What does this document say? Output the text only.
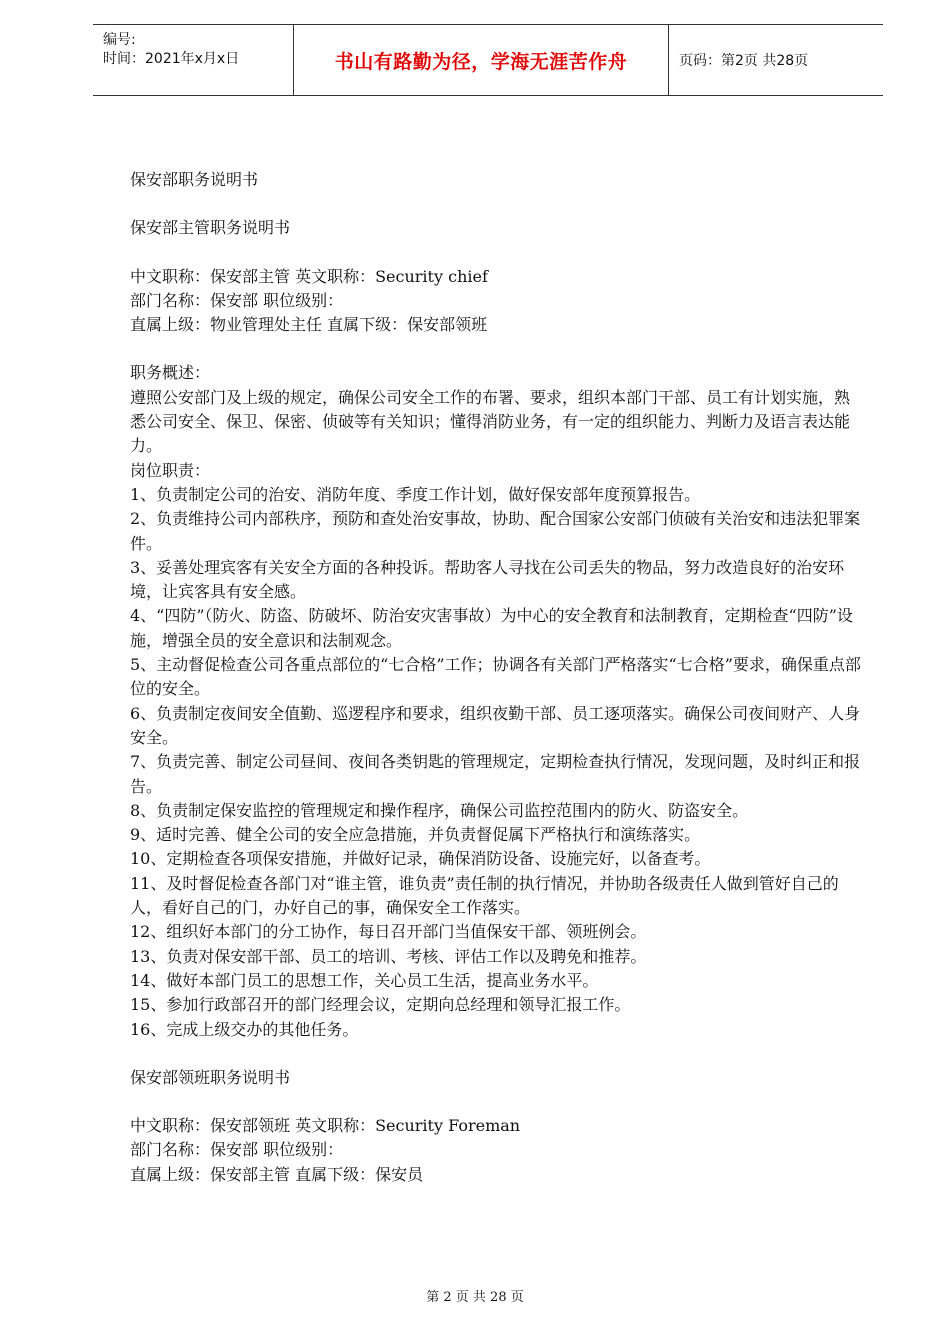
编号:
时间：2021年x月x日	书山有路勤为径，学海无涯苦作舟	页码：第2页 共28页

保安部职务说明书

保安部主管职务说明书

中文职称：保安部主管 英文职称：Security chief

部门名称：保安部 职位级别：

直属上级：物业管理处主任 直属下级：保安部领班

职务概述：

遵照公安部门及上级的规定，确保公司安全工作的布署、要求，组织本部门干部、员工有计划实施，熟悉公司安全、保卫、保密、侦破等有关知识；懂得消防业务，有一定的组织能力、判断力及语言表达能力。

岗位职责：

1、负责制定公司的治安、消防年度、季度工作计划，做好保安部年度预算报告。

2、负责维持公司内部秩序，预防和查处治安事故，协助、配合国家公安部门侦破有关治安和违法犯罪案件。

3、妥善处理宾客有关安全方面的各种投诉。帮助客人寻找在公司丢失的物品，努力改造良好的治安环境，让宾客具有安全感。

4、“四防”（防火、防盗、防破坏、防治安灾害事故）为中心的安全教育和法制教育，定期检查“四防”设施，增强全员的安全意识和法制观念。

5、主动督促检查公司各重点部位的“七合格”工作；协调各有关部门严格落实“七合格”要求，确保重点部位的安全。

6、负责制定夜间安全值勤、巡逻程序和要求，组织夜勤干部、员工逐项落实。确保公司夜间财产、人身安全。

7、负责完善、制定公司昼间、夜间各类钥匙的管理规定，定期检查执行情况，发现问题，及时纠正和报告。

8、负责制定保安监控的管理规定和操作程序，确保公司监控范围内的防火、防盗安全。

9、适时完善、健全公司的安全应急措施，并负责督促属下严格执行和演练落实。

10、定期检查各项保安措施，并做好记录，确保消防设备、设施完好，以备查考。

11、及时督促检查各部门对“谁主管，谁负责”责任制的执行情况，并协助各级责任人做到管好自己的人，看好自己的门，办好自己的事，确保安全工作落实。

12、组织好本部门的分工协作，每日召开部门当值保安干部、领班例会。

13、负责对保安部干部、员工的培训、考核、评估工作以及聘免和推荐。

14、做好本部门员工的思想工作，关心员工生活，提高业务水平。

15、参加行政部召开的部门经理会议，定期向总经理和领导汇报工作。

16、完成上级交办的其他任务。

保安部领班职务说明书

中文职称：保安部领班 英文职称：Security Foreman

部门名称：保安部 职位级别：

直属上级：保安部主管 直属下级：保安员

第 2 页 共 28 页
